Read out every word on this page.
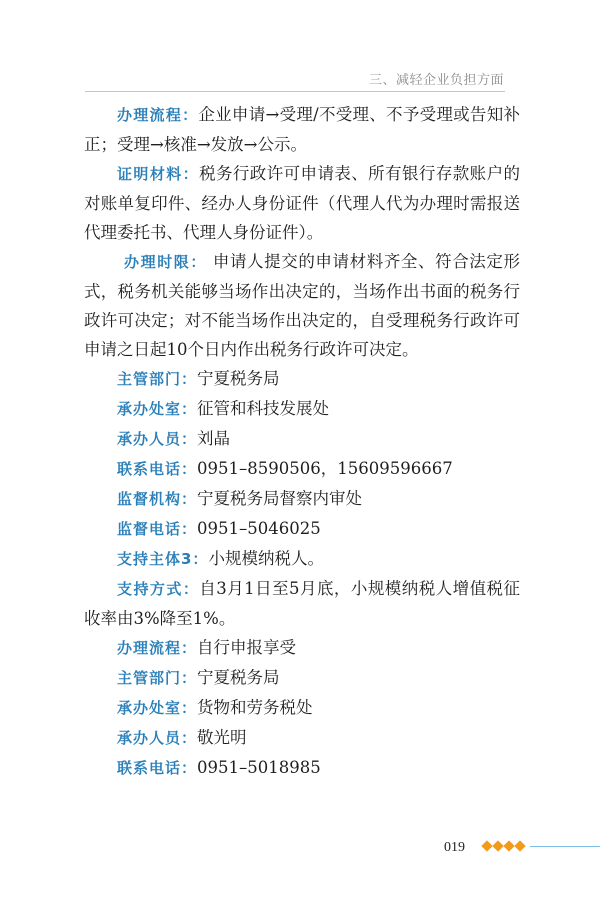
三、减轻企业负担方面

办理流程：企业申请→受理/不受理、不予受理或告知补正；受理→核准→发放→公示。

证明材料：税务行政许可申请表、所有银行存款账户的对账单复印件、经办人身份证件（代理人代为办理时需报送代理委托书、代理人身份证件）。

办理时限： 申请人提交的申请材料齐全、符合法定形式，税务机关能够当场作出决定的，当场作出书面的税务行政许可决定；对不能当场作出决定的，自受理税务行政许可申请之日起10个日内作出税务行政许可决定。

主管部门：宁夏税务局

承办处室：征管和科技发展处

承办人员：刘晶

联系电话：0951–8590506，15609596667

监督机构：宁夏税务局督察内审处

监督电话：0951–5046025

支持主体3：小规模纳税人。

支持方式：自3月1日至5月底，小规模纳税人增值税征收率由3%降至1%。

办理流程：自行申报享受

主管部门：宁夏税务局

承办处室：货物和劳务税处

承办人员：敬光明

联系电话：0951–5018985

019
